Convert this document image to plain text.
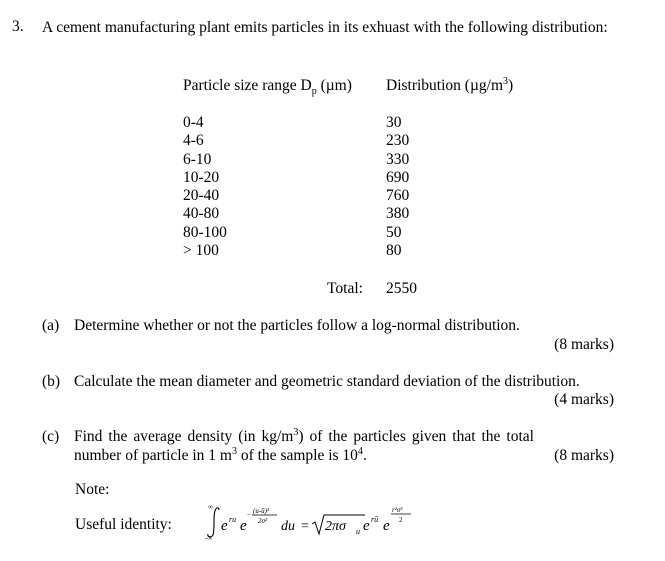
3. A cement manufacturing plant emits particles in its exhuast with the following distribution:
Particle size range $D_p$ (µm) Distribution $(\mu g/m^3)$
0-4
4-6
6-10
10-20
20-40
40-80
80-100
> 100
30
230
330
690
760
380
50
80
Total: 2550
(a) Determine whether or not the particles follow a log-normal distribution.
(8 marks)
(b) Calculate the mean diameter and geometric standard deviation of the distribution.
(4 marks)
(c) Find the average density (in $kg/m^3$) of the particles given that the total number of particle in 1 $m^3$ of the sample is $10^4$.	(8 marks)
Note:
Useful identity:
∞
-∞
e ru e
− (u-ū)²
2σ² du = 2πσ u e rū e
r²σ²
2
